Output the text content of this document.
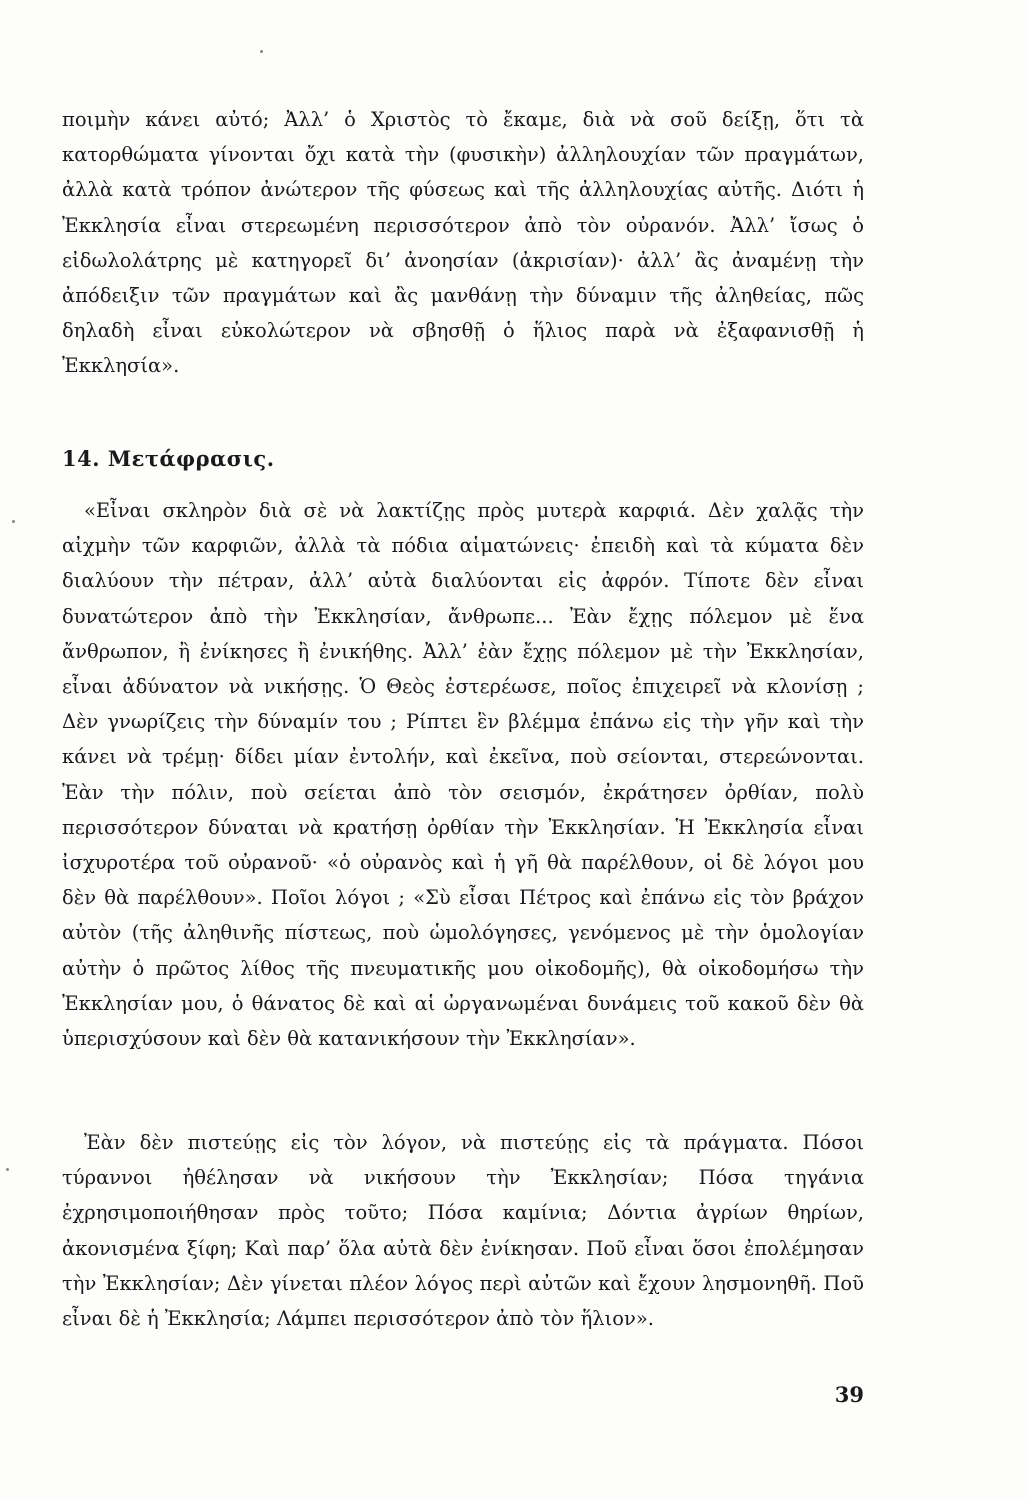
ποιμὴν κάνει αὐτό; Ἀλλ’ ὁ Χριστὸς τὸ ἔκαμε, διὰ νὰ σοῦ δείξῃ, ὅτι τὰ κατορθώματα γίνονται ὄχι κατὰ τὴν (φυσικὴν) ἀλληλουχίαν τῶν πραγμάτων, ἀλλὰ κατὰ τρόπον ἀνώτερον τῆς φύσεως καὶ τῆς ἀλληλουχίας αὐτῆς. Διότι ἡ Ἐκκλησία εἶναι στερεωμένη περισσότερον ἀπὸ τὸν οὐρανόν. Ἀλλ’ ἴσως ὁ εἰδωλολάτρης μὲ κατηγορεῖ δι’ ἀνοησίαν (ἀκρισίαν)· ἀλλ’ ἂς ἀναμένῃ τὴν ἀπόδειξιν τῶν πραγμάτων καὶ ἂς μανθάνῃ τὴν δύναμιν τῆς ἀληθείας, πῶς δηλαδὴ εἶναι εὐκολώτερον νὰ σβησθῇ ὁ ἥλιος παρὰ νὰ ἐξαφανισθῇ ἡ Ἐκκλησία».

14. Μετάφρασις.

«Εἶναι σκληρὸν διὰ σὲ νὰ λακτίζῃς πρὸς μυτερὰ καρφιά. Δὲν χαλᾷς τὴν αἰχμὴν τῶν καρφιῶν, ἀλλὰ τὰ πόδια αἱματώνεις· ἐπειδὴ καὶ τὰ κύματα δὲν διαλύουν τὴν πέτραν, ἀλλ’ αὐτὰ διαλύονται εἰς ἀφρόν. Τίποτε δὲν εἶναι δυνατώτερον ἀπὸ τὴν Ἐκκλησίαν, ἄνθρωπε... Ἐὰν ἔχῃς πόλεμον μὲ ἕνα ἄνθρωπον, ἢ ἐνίκησες ἢ ἐνικήθης. Ἀλλ’ ἐὰν ἔχῃς πόλεμον μὲ τὴν Ἐκκλησίαν, εἶναι ἀδύνατον νὰ νικήσῃς. Ὁ Θεὸς ἐστερέωσε, ποῖος ἐπιχειρεῖ νὰ κλονίσῃ ; Δὲν γνωρίζεις τὴν δύναμίν του ; Ρίπτει ἓν βλέμμα ἐπάνω εἰς τὴν γῆν καὶ τὴν κάνει νὰ τρέμῃ· δίδει μίαν ἐντολήν, καὶ ἐκεῖνα, ποὺ σείονται, στερεώνονται. Ἐὰν τὴν πόλιν, ποὺ σείεται ἀπὸ τὸν σεισμόν, ἐκράτησεν ὀρθίαν, πολὺ περισσότερον δύναται νὰ κρατήσῃ ὀρθίαν τὴν Ἐκκλησίαν. Ἡ Ἐκκλησία εἶναι ἰσχυροτέρα τοῦ οὐρανοῦ· «ὁ οὐρανὸς καὶ ἡ γῆ θὰ παρέλθουν, οἱ δὲ λόγοι μου δὲν θὰ παρέλθουν». Ποῖοι λόγοι ; «Σὺ εἶσαι Πέτρος καὶ ἐπάνω εἰς τὸν βράχον αὐτὸν (τῆς ἀληθινῆς πίστεως, ποὺ ὡμολόγησες, γενόμενος μὲ τὴν ὁμολογίαν αὐτὴν ὁ πρῶτος λίθος τῆς πνευματικῆς μου οἰκοδομῆς), θὰ οἰκοδομήσω τὴν Ἐκκλησίαν μου, ὁ θάνατος δὲ καὶ αἱ ὠργανωμέναι δυνάμεις τοῦ κακοῦ δὲν θὰ ὑπερισχύσουν καὶ δὲν θὰ κατανικήσουν τὴν Ἐκκλησίαν».

Ἐὰν δὲν πιστεύῃς εἰς τὸν λόγον, νὰ πιστεύῃς εἰς τὰ πράγματα. Πόσοι τύραννοι ἠθέλησαν νὰ νικήσουν τὴν Ἐκκλησίαν; Πόσα τηγάνια ἐχρησιμοποιήθησαν πρὸς τοῦτο; Πόσα καμίνια; Δόντια ἀγρίων θηρίων, ἀκονισμένα ξίφη; Καὶ παρ’ ὅλα αὐτὰ δὲν ἐνίκησαν. Ποῦ εἶναι ὅσοι ἐπολέμησαν τὴν Ἐκκλησίαν; Δὲν γίνεται πλέον λόγος περὶ αὐτῶν καὶ ἔχουν λησμονηθῆ. Ποῦ εἶναι δὲ ἡ Ἐκκλησία; Λάμπει περισσότερον ἀπὸ τὸν ἥλιον».

39
